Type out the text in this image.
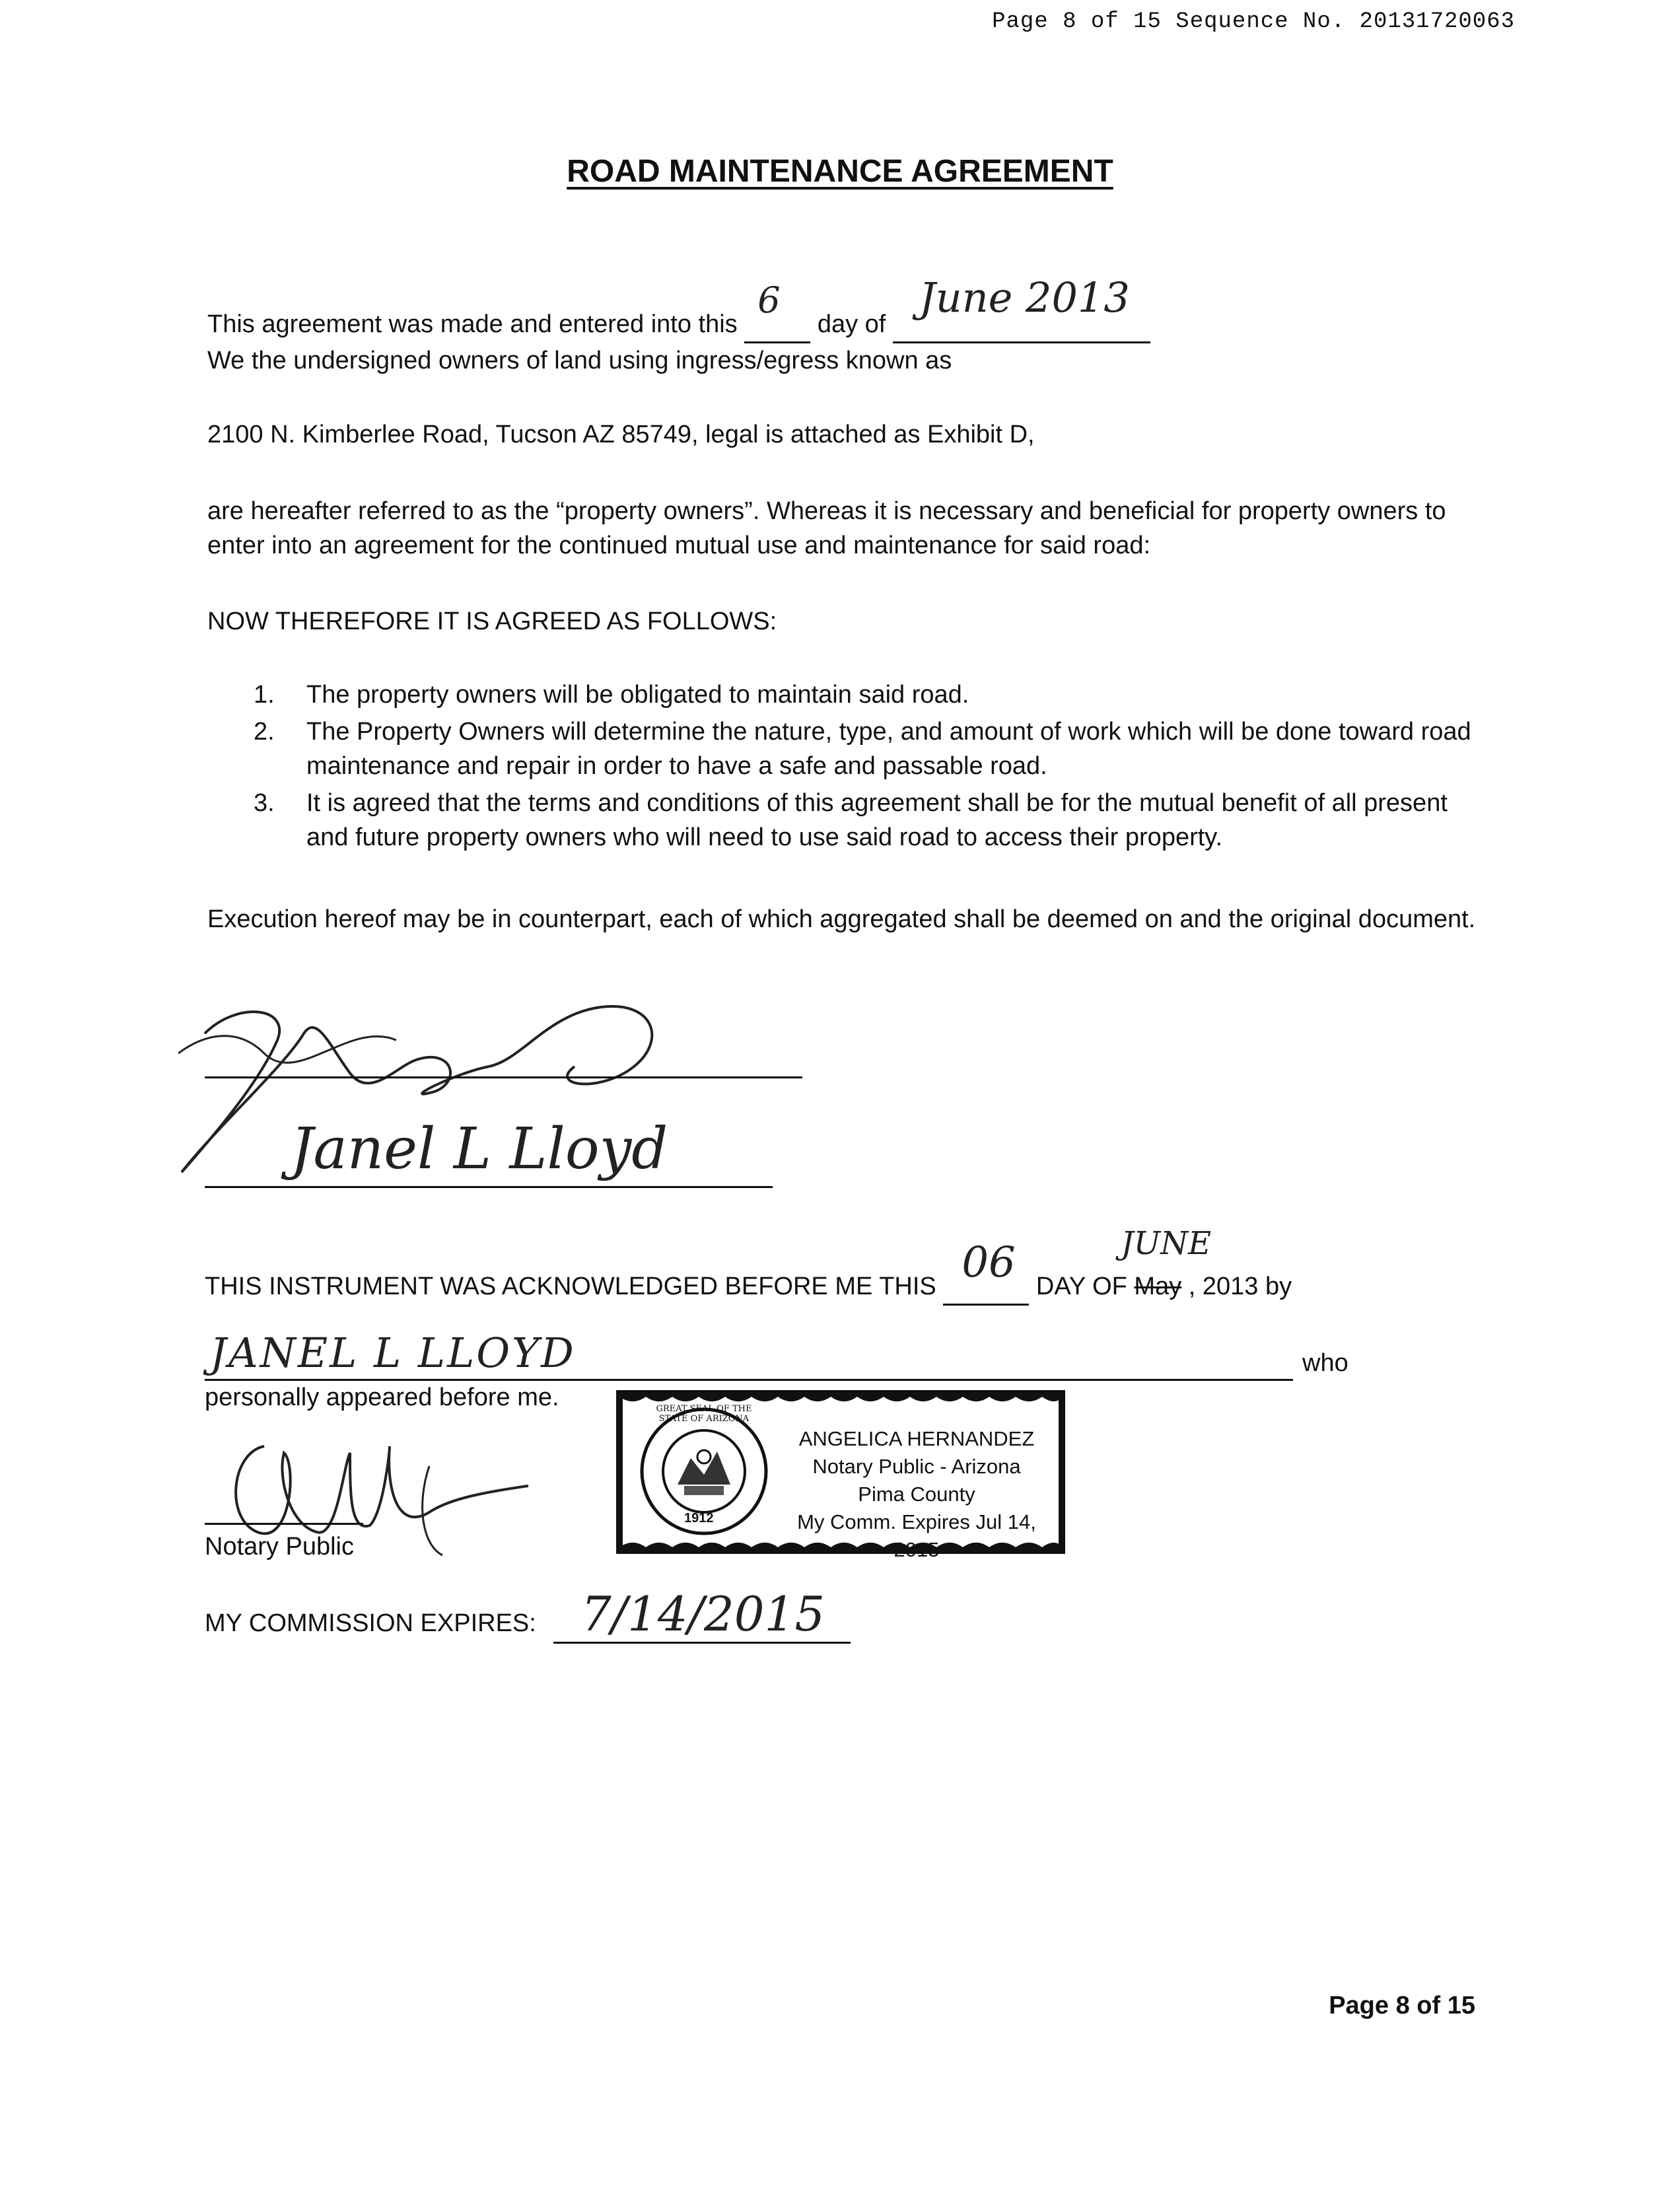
Page 8 of 15 Sequence No. 20131720063
ROAD MAINTENANCE AGREEMENT
This agreement was made and entered into this
6
day of
June 2013

We the undersigned owners of land using ingress/egress known as
2100 N. Kimberlee Road, Tucson AZ 85749, legal is attached as Exhibit D,
are hereafter referred to as the “property owners”. Whereas it is necessary and beneficial for property owners to enter into an agreement for the continued mutual use and maintenance for said road:
NOW THEREFORE IT IS AGREED AS FOLLOWS:
1. The property owners will be obligated to maintain said road.
2. The Property Owners will determine the nature, type, and amount of work which will be done toward road maintenance and repair in order to have a safe and passable road.
3. It is agreed that the terms and conditions of this agreement shall be for the mutual benefit of all present and future property owners who will need to use said road to access their property.
Execution hereof may be in counterpart, each of which aggregated shall be deemed on and the original document.
Janel L Lloyd
THIS INSTRUMENT WAS ACKNOWLEDGED BEFORE ME THIS 06 DAY OF May
JUNE
, 2013 by
JANEL L LLOYD	who
personally appeared before me.
Notary Public
1912
GREAT SEAL OF THE STATE OF ARIZONA
ANGELICA HERNANDEZ
Notary Public - Arizona
Pima County
My Comm. Expires Jul 14, 2015
MY COMMISSION EXPIRES: 7/14/2015
Page 8 of 15
